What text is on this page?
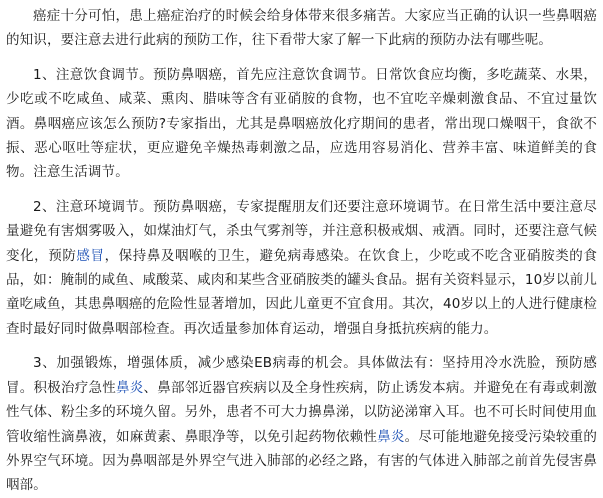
癌症十分可怕，患上癌症治疗的时候会给身体带来很多痛苦。大家应当正确的认识一些鼻咽癌的知识，要注意去进行此病的预防工作，往下看带大家了解一下此病的预防办法有哪些呢。

1、注意饮食调节。预防鼻咽癌，首先应注意饮食调节。日常饮食应均衡，多吃蔬菜、水果，少吃或不吃咸鱼、咸菜、熏肉、腊味等含有亚硝胺的食物，也不宜吃辛燥刺激食品、不宜过量饮酒。鼻咽癌应该怎么预防?专家指出，尤其是鼻咽癌放化疗期间的患者，常出现口燥咽干，食欲不振、恶心呕吐等症状，更应避免辛燥热毒刺激之品，应选用容易消化、营养丰富、味道鲜美的食物。注意生活调节。

2、注意环境调节。预防鼻咽癌，专家提醒朋友们还要注意环境调节。在日常生活中要注意尽量避免有害烟雾吸入，如煤油灯气，杀虫气雾剂等，并注意积极戒烟、戒酒。同时，还要注意气候变化，预防感冒，保持鼻及咽喉的卫生，避免病毒感染。在饮食上，少吃或不吃含亚硝胺类的食品，如：腌制的咸鱼、咸酸菜、咸肉和某些含亚硝胺类的罐头食品。据有关资料显示，10岁以前儿童吃咸鱼，其患鼻咽癌的危险性显著增加，因此儿童更不宜食用。其次，40岁以上的人进行健康检查时最好同时做鼻咽部检查。再次适量参加体育运动，增强自身抵抗疾病的能力。

3、加强锻炼，增强体质，减少感染EB病毒的机会。具体做法有：坚持用冷水洗脸，预防感冒。积极治疗急性鼻炎、鼻部邻近器官疾病以及全身性疾病，防止诱发本病。并避免在有毒或刺激性气体、粉尘多的环境久留。另外，患者不可大力擤鼻涕，以防泌涕窜入耳。也不可长时间使用血管收缩性滴鼻液，如麻黄素、鼻眼净等，以免引起药物依赖性鼻炎。尽可能地避免接受污染较重的外界空气环境。因为鼻咽部是外界空气进入肺部的必经之路，有害的气体进入肺部之前首先侵害鼻咽部。
